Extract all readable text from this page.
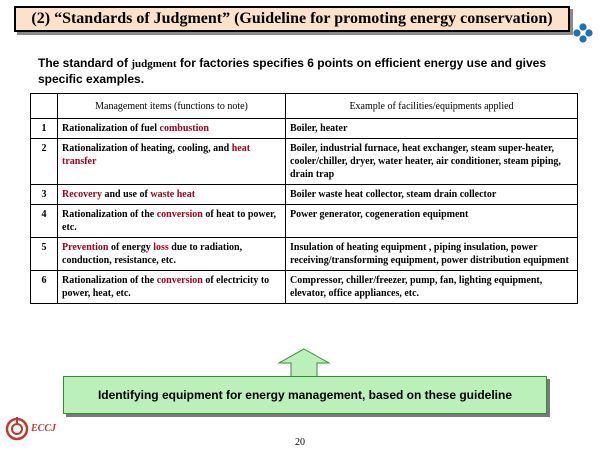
(2) “Standards of Judgment” (Guideline for promoting energy conservation)
The standard of judgment for factories specifies 6 points on efficient energy use and gives specific examples.
	Management items (functions to note)	Example of facilities/equipments applied
1	Rationalization of fuel combustion	Boiler, heater
2	Rationalization of heating, cooling, and heat transfer	Boiler, industrial furnace, heat exchanger, steam super-heater, cooler/chiller, dryer, water heater, air conditioner, steam piping, drain trap
3	Recovery and use of waste heat	Boiler waste heat collector, steam drain collector
4	Rationalization of the conversion of heat to power, etc.	Power generator, cogeneration equipment
5	Prevention of energy loss due to radiation, conduction, resistance, etc.	Insulation of heating equipment , piping insulation, power receiving/transforming equipment, power distribution equipment
6	Rationalization of the conversion of electricity to power, heat, etc.	Compressor, chiller/freezer, pump, fan, lighting equipment, elevator, office appliances, etc.
Identifying equipment for energy management, based on these guideline
ECCJ
20
